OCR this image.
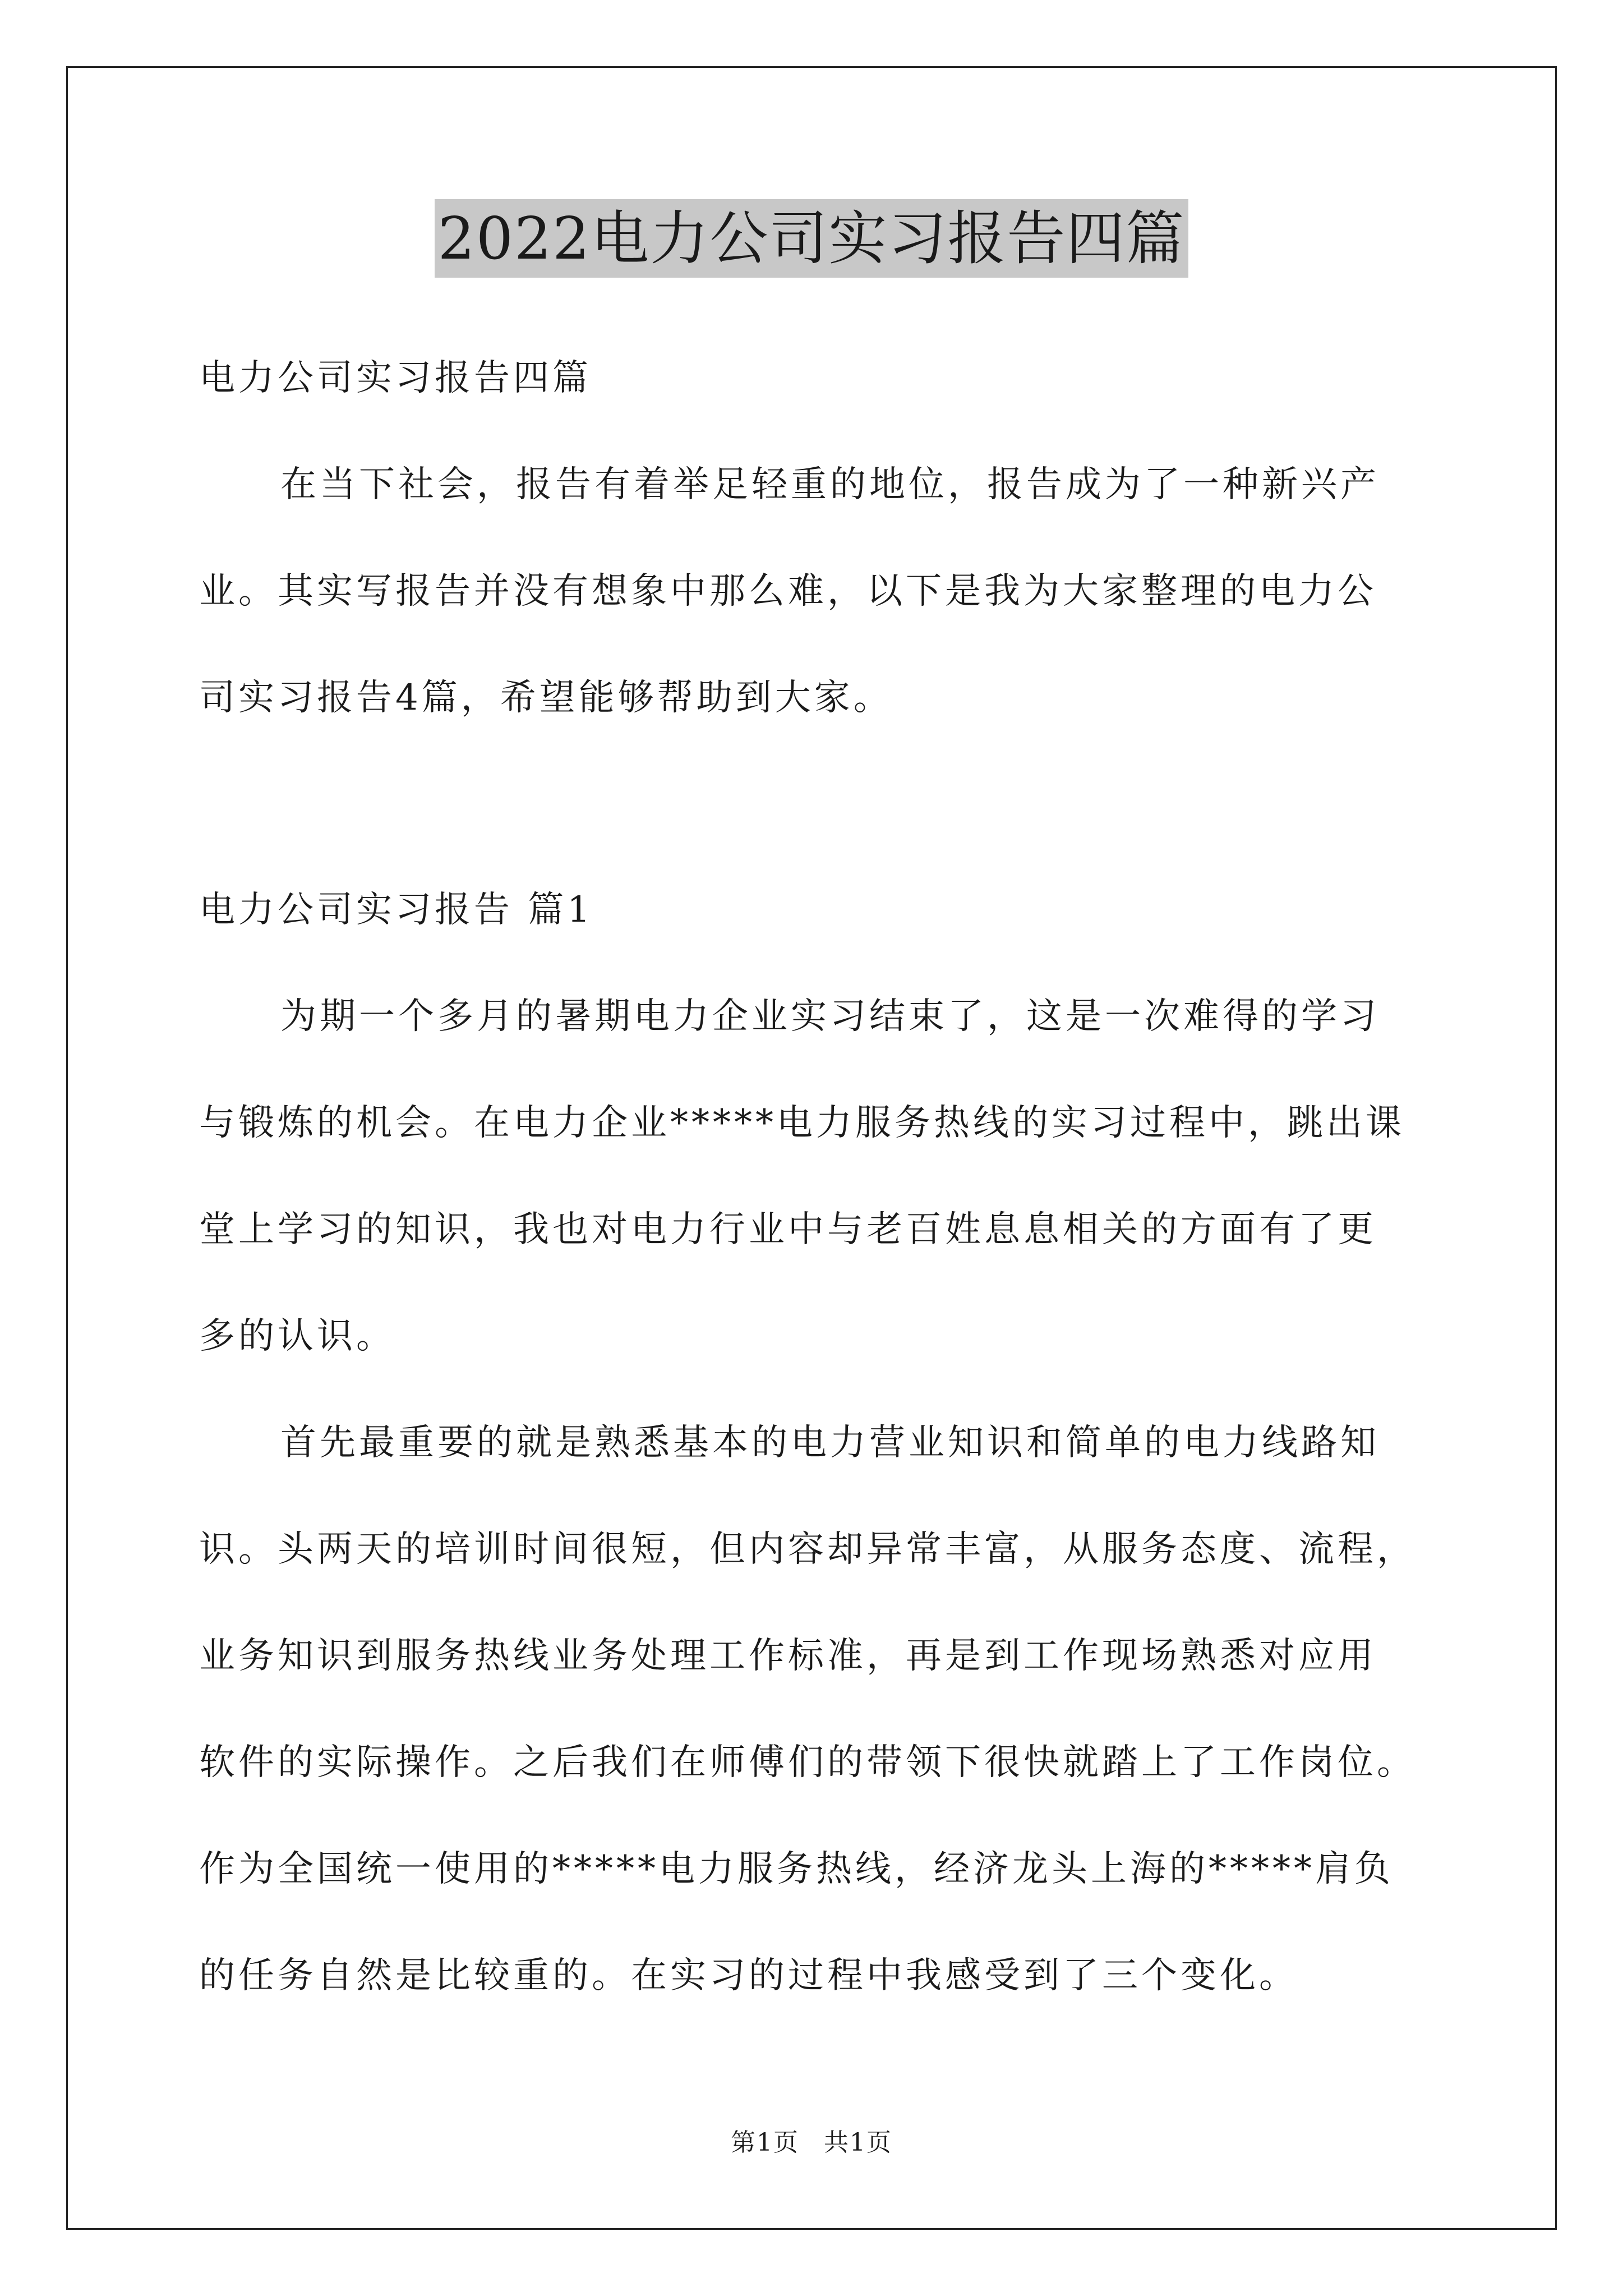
2022电力公司实习报告四篇
电力公司实习报告四篇
在当下社会，报告有着举足轻重的地位，报告成为了一种新兴产
业。其实写报告并没有想象中那么难，以下是我为大家整理的电力公
司实习报告4篇，希望能够帮助到大家。
电力公司实习报告 篇1
为期一个多月的暑期电力企业实习结束了，这是一次难得的学习
与锻炼的机会。在电力企业*****电力服务热线的实习过程中，跳出课
堂上学习的知识，我也对电力行业中与老百姓息息相关的方面有了更
多的认识。
首先最重要的就是熟悉基本的电力营业知识和简单的电力线路知
识。头两天的培训时间很短，但内容却异常丰富，从服务态度、流程，
业务知识到服务热线业务处理工作标准，再是到工作现场熟悉对应用
软件的实际操作。之后我们在师傅们的带领下很快就踏上了工作岗位。
作为全国统一使用的*****电力服务热线，经济龙头上海的*****肩负
的任务自然是比较重的。在实习的过程中我感受到了三个变化。
第1页 共1页
